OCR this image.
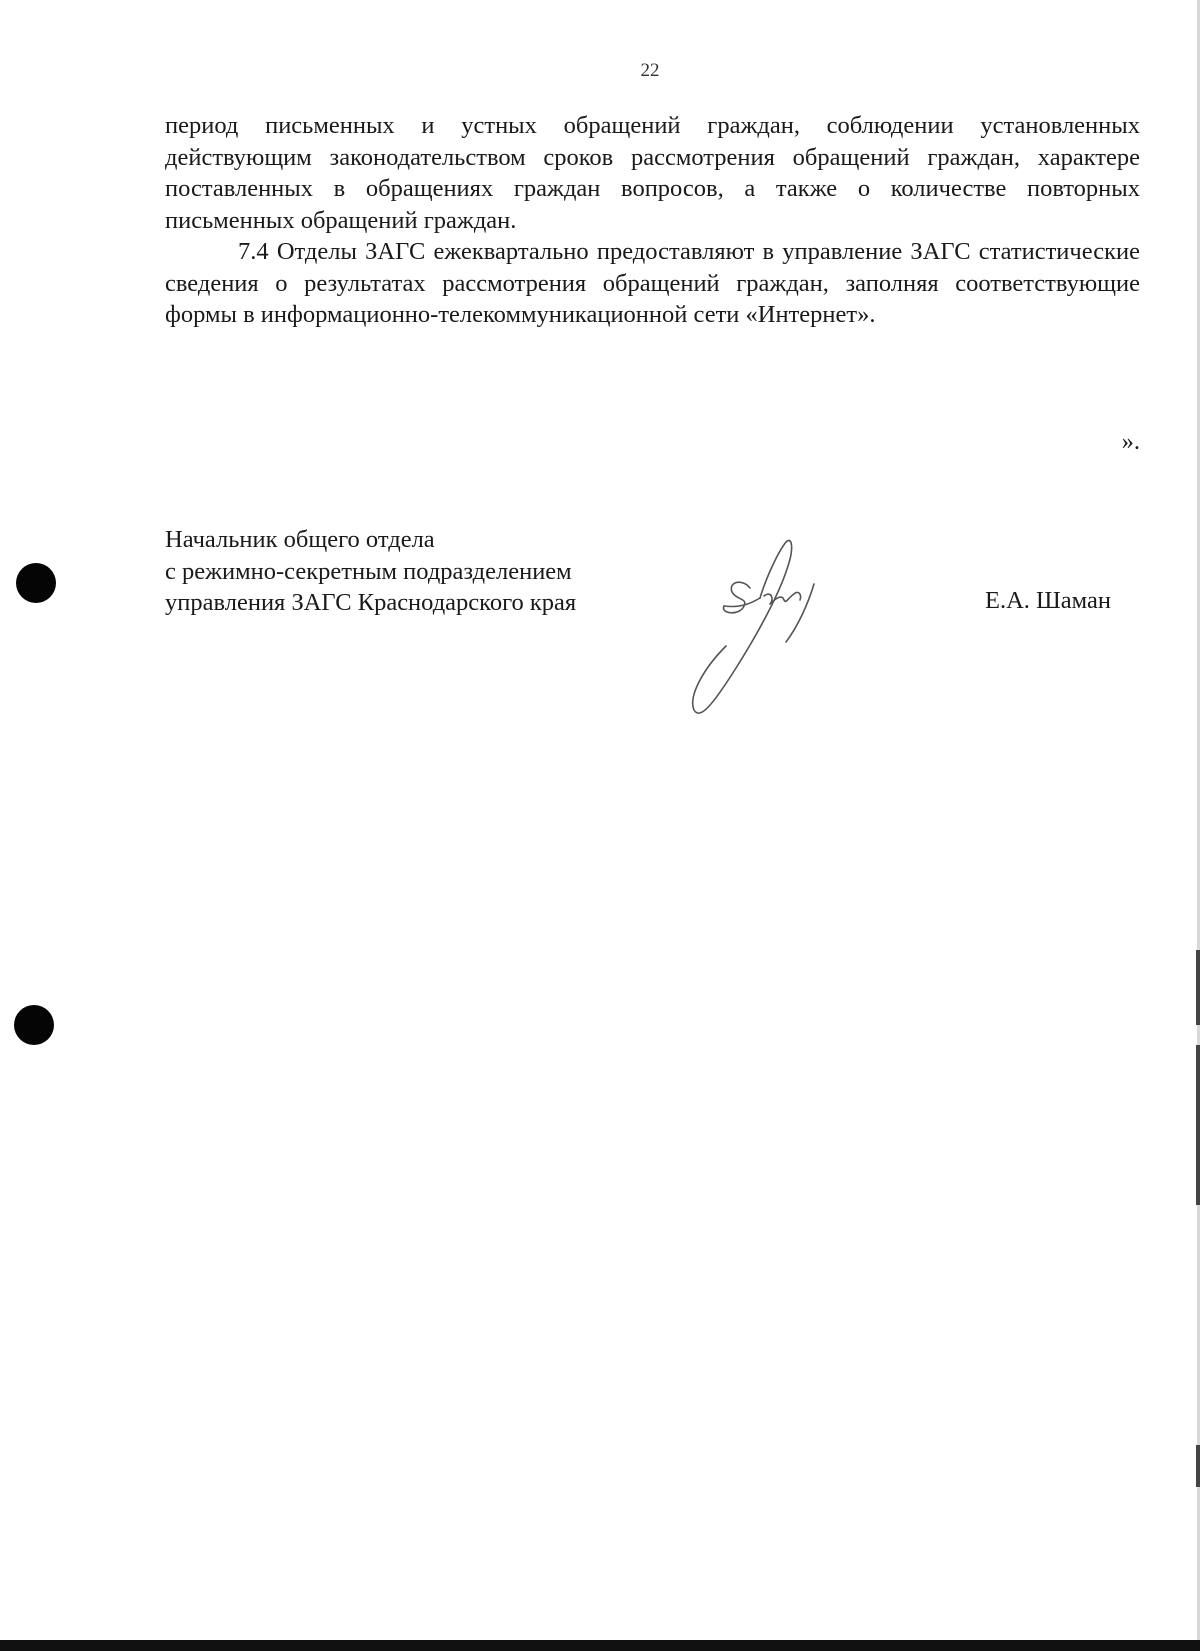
22

период письменных и устных обращений граждан, соблюдении установленных действующим законодательством сроков рассмотрения обращений граждан, характере поставленных в обращениях граждан вопросов, а также о количестве повторных письменных обращений граждан.

7.4 Отделы ЗАГС ежеквартально предоставляют в управление ЗАГС статистические сведения о результатах рассмотрения обращений граждан, заполняя соответствующие формы в информационно-телекоммуникационной сети «Интернет».

».
Начальник общего отдела
с режимно-секретным подразделением
управления ЗАГС Краснодарского края	Е.А. Шаман
